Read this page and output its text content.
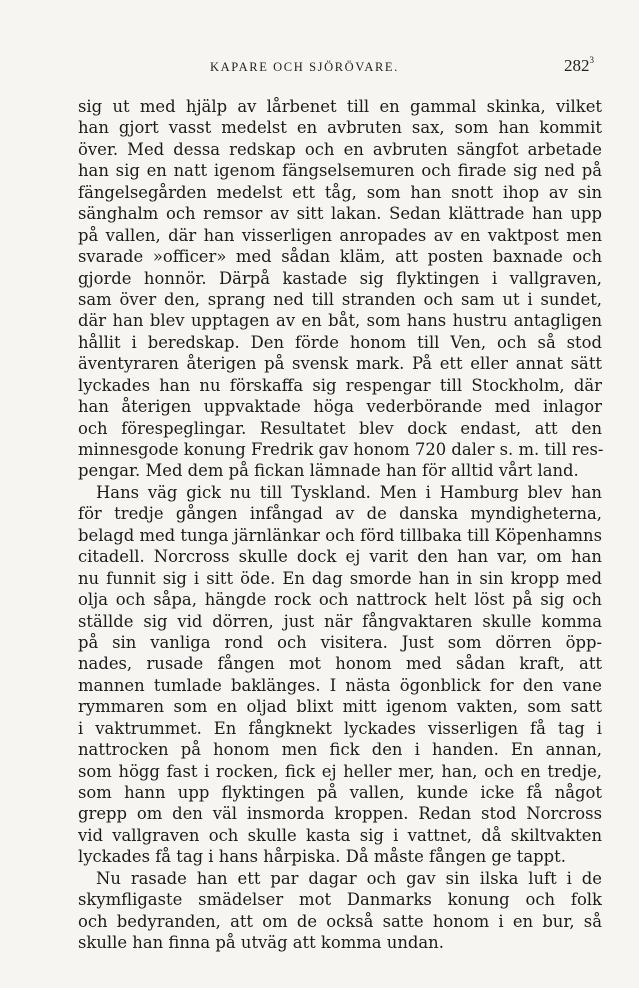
KAPARE OCH SJÖRÖVARE.	$282^3$
sig ut med hjälp av lårbenet till en gammal skinka, vilket
han gjort vasst medelst en avbruten sax, som han kommit
över. Med dessa redskap och en avbruten sängfot arbetade
han sig en natt igenom fängselsemuren och firade sig ned på
fängelsegården medelst ett tåg, som han snott ihop av sin
sänghalm och remsor av sitt lakan. Sedan klättrade han upp
på vallen, där han visserligen anropades av en vaktpost men
svarade »officer» med sådan kläm, att posten baxnade och
gjorde honnör. Därpå kastade sig flyktingen i vallgraven,
sam över den, sprang ned till stranden och sam ut i sundet,
där han blev upptagen av en båt, som hans hustru antagligen
hållit i beredskap. Den förde honom till Ven, och så stod
äventyraren återigen på svensk mark. På ett eller annat sätt
lyckades han nu förskaffa sig respengar till Stockholm, där
han återigen uppvaktade höga vederbörande med inlagor
och förespeglingar. Resultatet blev dock endast, att den
minnesgode konung Fredrik gav honom 720 daler s. m. till res-
pengar. Med dem på fickan lämnade han för alltid vårt land.
Hans väg gick nu till Tyskland. Men i Hamburg blev han
för tredje gången infångad av de danska myndigheterna,
belagd med tunga järnlänkar och förd tillbaka till Köpenhamns
citadell. Norcross skulle dock ej varit den han var, om han
nu funnit sig i sitt öde. En dag smorde han in sin kropp med
olja och såpa, hängde rock och nattrock helt löst på sig och
ställde sig vid dörren, just när fångvaktaren skulle komma
på sin vanliga rond och visitera. Just som dörren öpp-
nades, rusade fången mot honom med sådan kraft, att
mannen tumlade baklänges. I nästa ögonblick for den vane
rymmaren som en oljad blixt mitt igenom vakten, som satt
i vaktrummet. En fångknekt lyckades visserligen få tag i
nattrocken på honom men fick den i handen. En annan,
som högg fast i rocken, fick ej heller mer, han, och en tredje,
som hann upp flyktingen på vallen, kunde icke få något
grepp om den väl insmorda kroppen. Redan stod Norcross
vid vallgraven och skulle kasta sig i vattnet, då skiltvakten
lyckades få tag i hans hårpiska. Då måste fången ge tappt.
Nu rasade han ett par dagar och gav sin ilska luft i de
skymfligaste smädelser mot Danmarks konung och folk
och bedyranden, att om de också satte honom i en bur, så
skulle han finna på utväg att komma undan.
